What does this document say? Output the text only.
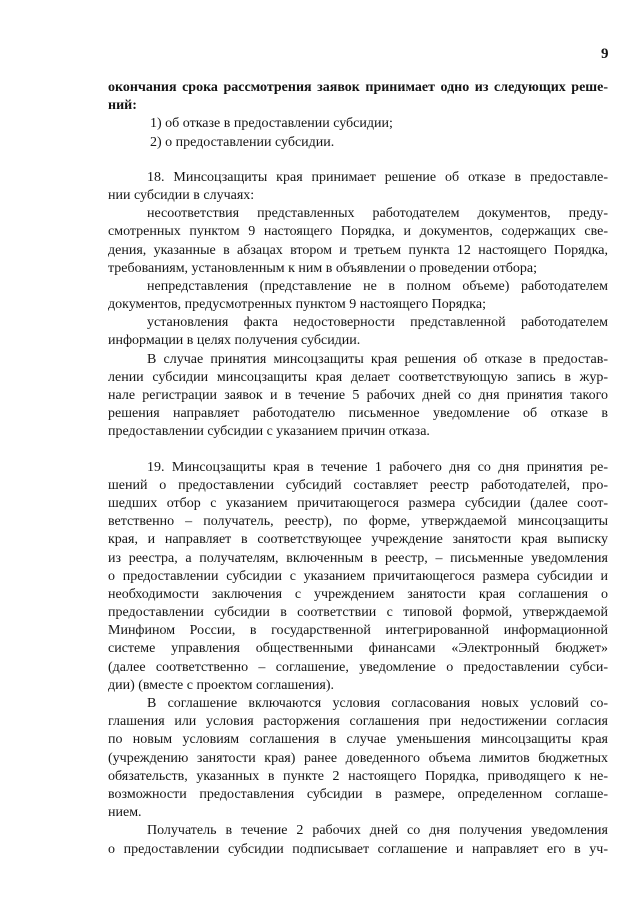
9
окончания срока рассмотрения заявок принимает одно из следующих реше-
ний:
1) об отказе в предоставлении субсидии;
2) о предоставлении субсидии.
18. Минсоцзащиты края принимает решение об отказе в предоставле-
нии субсидии в случаях:
несоответствия представленных работодателем документов, преду-
смотренных пунктом 9 настоящего Порядка, и документов, содержащих све-
дения, указанные в абзацах втором и третьем пункта 12 настоящего Порядка,
требованиям, установленным к ним в объявлении о проведении отбора;
непредставления (представление не в полном объеме) работодателем
документов, предусмотренных пунктом 9 настоящего Порядка;
установления факта недостоверности представленной работодателем
информации в целях получения субсидии.
В случае принятия минсоцзащиты края решения об отказе в предостав-
лении субсидии минсоцзащиты края делает соответствующую запись в жур-
нале регистрации заявок и в течение 5 рабочих дней со дня принятия такого
решения направляет работодателю письменное уведомление об отказе в
предоставлении субсидии с указанием причин отказа.
19. Минсоцзащиты края в течение 1 рабочего дня со дня принятия ре-
шений о предоставлении субсидий составляет реестр работодателей, про-
шедших отбор с указанием причитающегося размера субсидии (далее соот-
ветственно – получатель, реестр), по форме, утверждаемой минсоцзащиты
края, и направляет в соответствующее учреждение занятости края выписку
из реестра, а получателям, включенным в реестр, – письменные уведомления
о предоставлении субсидии с указанием причитающегося размера субсидии и
необходимости заключения с учреждением занятости края соглашения о
предоставлении субсидии в соответствии с типовой формой, утверждаемой
Минфином России, в государственной интегрированной информационной
системе управления общественными финансами «Электронный бюджет»
(далее соответственно – соглашение, уведомление о предоставлении субси-
дии) (вместе с проектом соглашения).
В соглашение включаются условия согласования новых условий со-
глашения или условия расторжения соглашения при недостижении согласия
по новым условиям соглашения в случае уменьшения минсоцзащиты края
(учреждению занятости края) ранее доведенного объема лимитов бюджетных
обязательств, указанных в пункте 2 настоящего Порядка, приводящего к не-
возможности предоставления субсидии в размере, определенном соглаше-
нием.
Получатель в течение 2 рабочих дней со дня получения уведомления
о предоставлении субсидии подписывает соглашение и направляет его в уч-
